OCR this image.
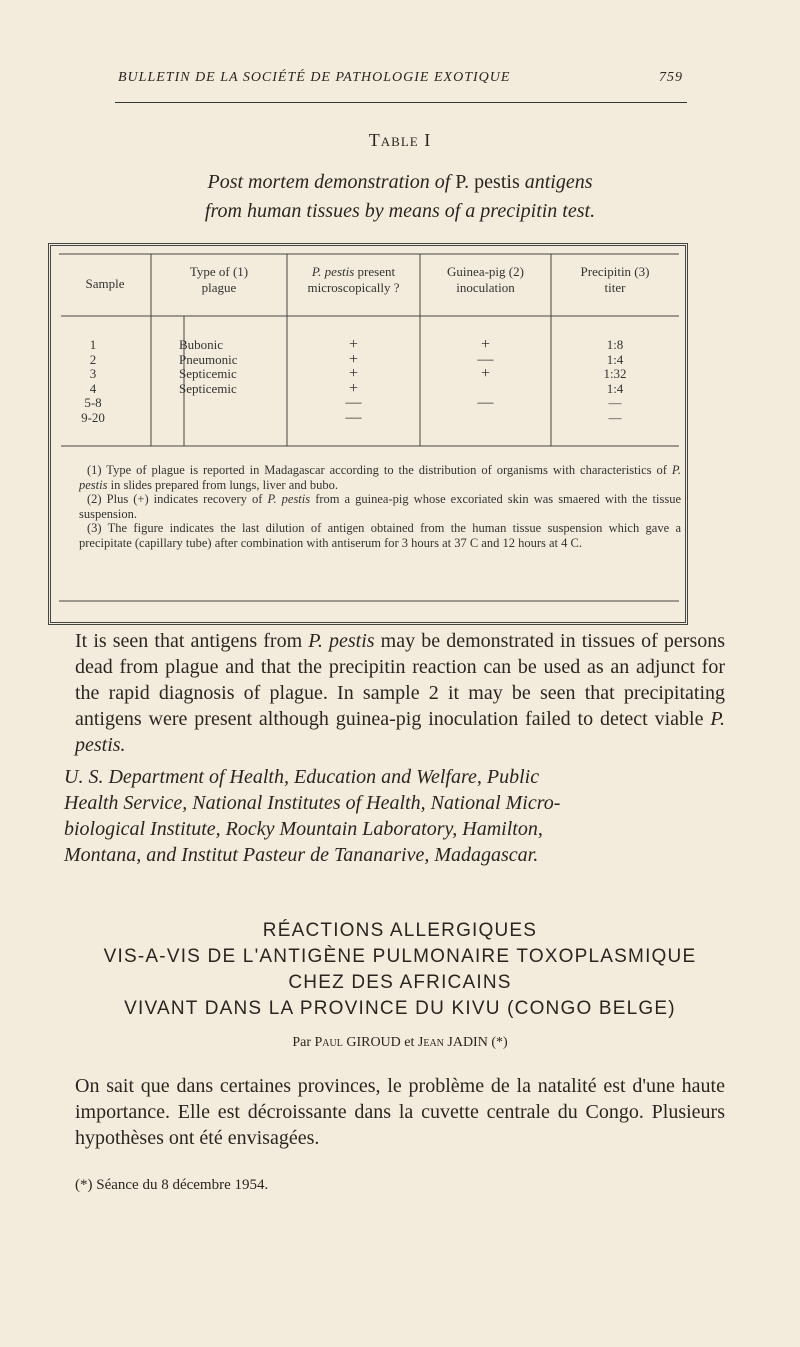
BULLETIN DE LA SOCIÉTÉ DE PATHOLOGIE EXOTIQUE	759
Table I
Post mortem demonstration of P. pestis antigens
from human tissues by means of a precipitin test.
Sample
Type of (1)
plague
P. pestis present
microscopically ?
Guinea-pig (2)
inoculation
Precipitin (3)
titer
1
2
3
4
5-8
9-20
Bubonic
Pneumonic
Septicemic
Septicemic
+
+
+
+
—
—
+
—
+
—
1:8
1:4
1:32
1:4
—
—

(1) Type of plague is reported in Madagascar according to the distribution of organisms with characteristics of P. pestis in slides prepared from lungs, liver and bubo.

(2) Plus (+) indicates recovery of P. pestis from a guinea-pig whose excoriated skin was smaered with the tissue suspension.

(3) The figure indicates the last dilution of antigen obtained from the human tissue suspension which gave a precipitate (capillary tube) after combination with antiserum for 3 hours at 37 C and 12 hours at 4 C.

It is seen that antigens from P. pestis may be demonstrated in tissues of persons dead from plague and that the precipitin reaction can be used as an adjunct for the rapid diagnosis of plague. In sample 2 it may be seen that precipitating antigens were present although guinea-pig inoculation failed to detect viable P. pestis.

U. S. Department of Health, Education and Welfare, Public

Health Service, National Institutes of Health, National Micro-

biological Institute, Rocky Mountain Laboratory, Hamilton,

Montana, and Institut Pasteur de Tananarive, Madagascar.

RÉACTIONS ALLERGIQUES
VIS-A-VIS DE L'ANTIGÈNE PULMONAIRE TOXOPLASMIQUE
CHEZ DES AFRICAINS
VIVANT DANS LA PROVINCE DU KIVU (CONGO BELGE)
Par Paul GIROUD et Jean JADIN (*)
On sait que dans certaines provinces, le problème de la natalité est d'une haute importance. Elle est décroissante dans la cuvette centrale du Congo. Plusieurs hypothèses ont été envisagées.
(*) Séance du 8 décembre 1954.
